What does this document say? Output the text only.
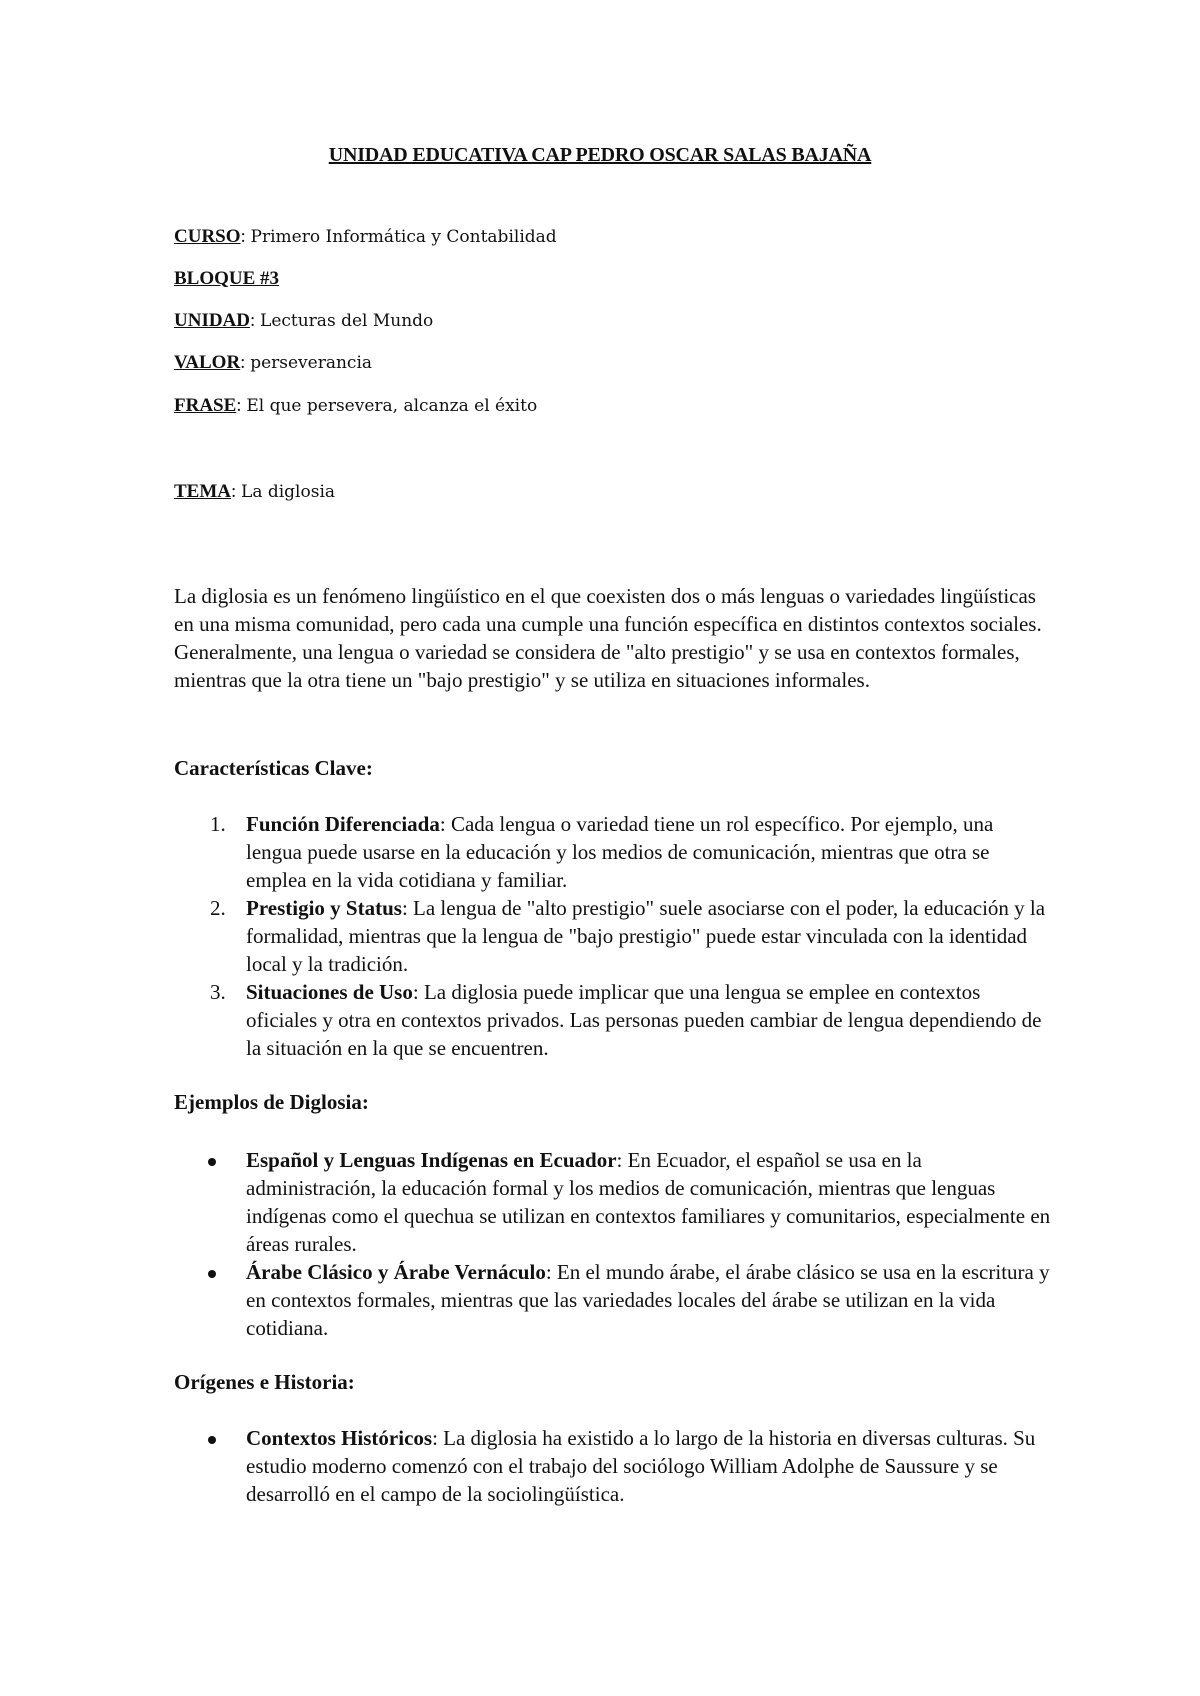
UNIDAD EDUCATIVA CAP PEDRO OSCAR SALAS BAJAÑA
CURSO: Primero Informática y Contabilidad
BLOQUE #3
UNIDAD: Lecturas del Mundo
VALOR: perseverancia
FRASE: El que persevera, alcanza el éxito
TEMA: La diglosia
La diglosia es un fenómeno lingüístico en el que coexisten dos o más lenguas o variedades lingüísticas en una misma comunidad, pero cada una cumple una función específica en distintos contextos sociales. Generalmente, una lengua o variedad se considera de "alto prestigio" y se usa en contextos formales, mientras que la otra tiene un "bajo prestigio" y se utiliza en situaciones informales.
Características Clave:
1. Función Diferenciada: Cada lengua o variedad tiene un rol específico. Por ejemplo, una lengua puede usarse en la educación y los medios de comunicación, mientras que otra se emplea en la vida cotidiana y familiar.
2. Prestigio y Status: La lengua de "alto prestigio" suele asociarse con el poder, la educación y la formalidad, mientras que la lengua de "bajo prestigio" puede estar vinculada con la identidad local y la tradición.
3. Situaciones de Uso: La diglosia puede implicar que una lengua se emplee en contextos oficiales y otra en contextos privados. Las personas pueden cambiar de lengua dependiendo de la situación en la que se encuentren.
Ejemplos de Diglosia:
Español y Lenguas Indígenas en Ecuador: En Ecuador, el español se usa en la administración, la educación formal y los medios de comunicación, mientras que lenguas indígenas como el quechua se utilizan en contextos familiares y comunitarios, especialmente en áreas rurales.
Árabe Clásico y Árabe Vernáculo: En el mundo árabe, el árabe clásico se usa en la escritura y en contextos formales, mientras que las variedades locales del árabe se utilizan en la vida cotidiana.
Orígenes e Historia:
Contextos Históricos: La diglosia ha existido a lo largo de la historia en diversas culturas. Su estudio moderno comenzó con el trabajo del sociólogo William Adolphe de Saussure y se desarrolló en el campo de la sociolingüística.
